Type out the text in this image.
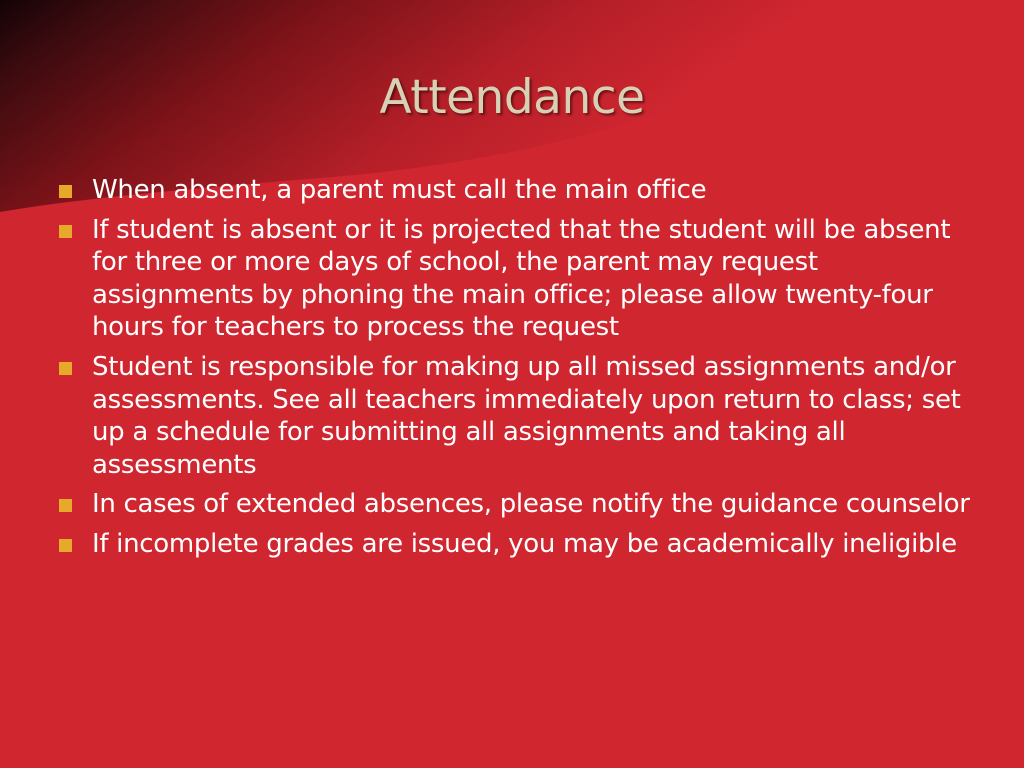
Attendance
When absent, a parent must call the main office
If student is absent or it is projected that the student will be absent for three or more days of school, the parent may request assignments by phoning the main office; please allow twenty-four hours for teachers to process the request
Student is responsible for making up all missed assignments and/or assessments. See all teachers immediately upon return to class; set up a schedule for submitting all assignments and taking all assessments
In cases of extended absences, please notify the guidance counselor
If incomplete grades are issued, you may be academically ineligible
